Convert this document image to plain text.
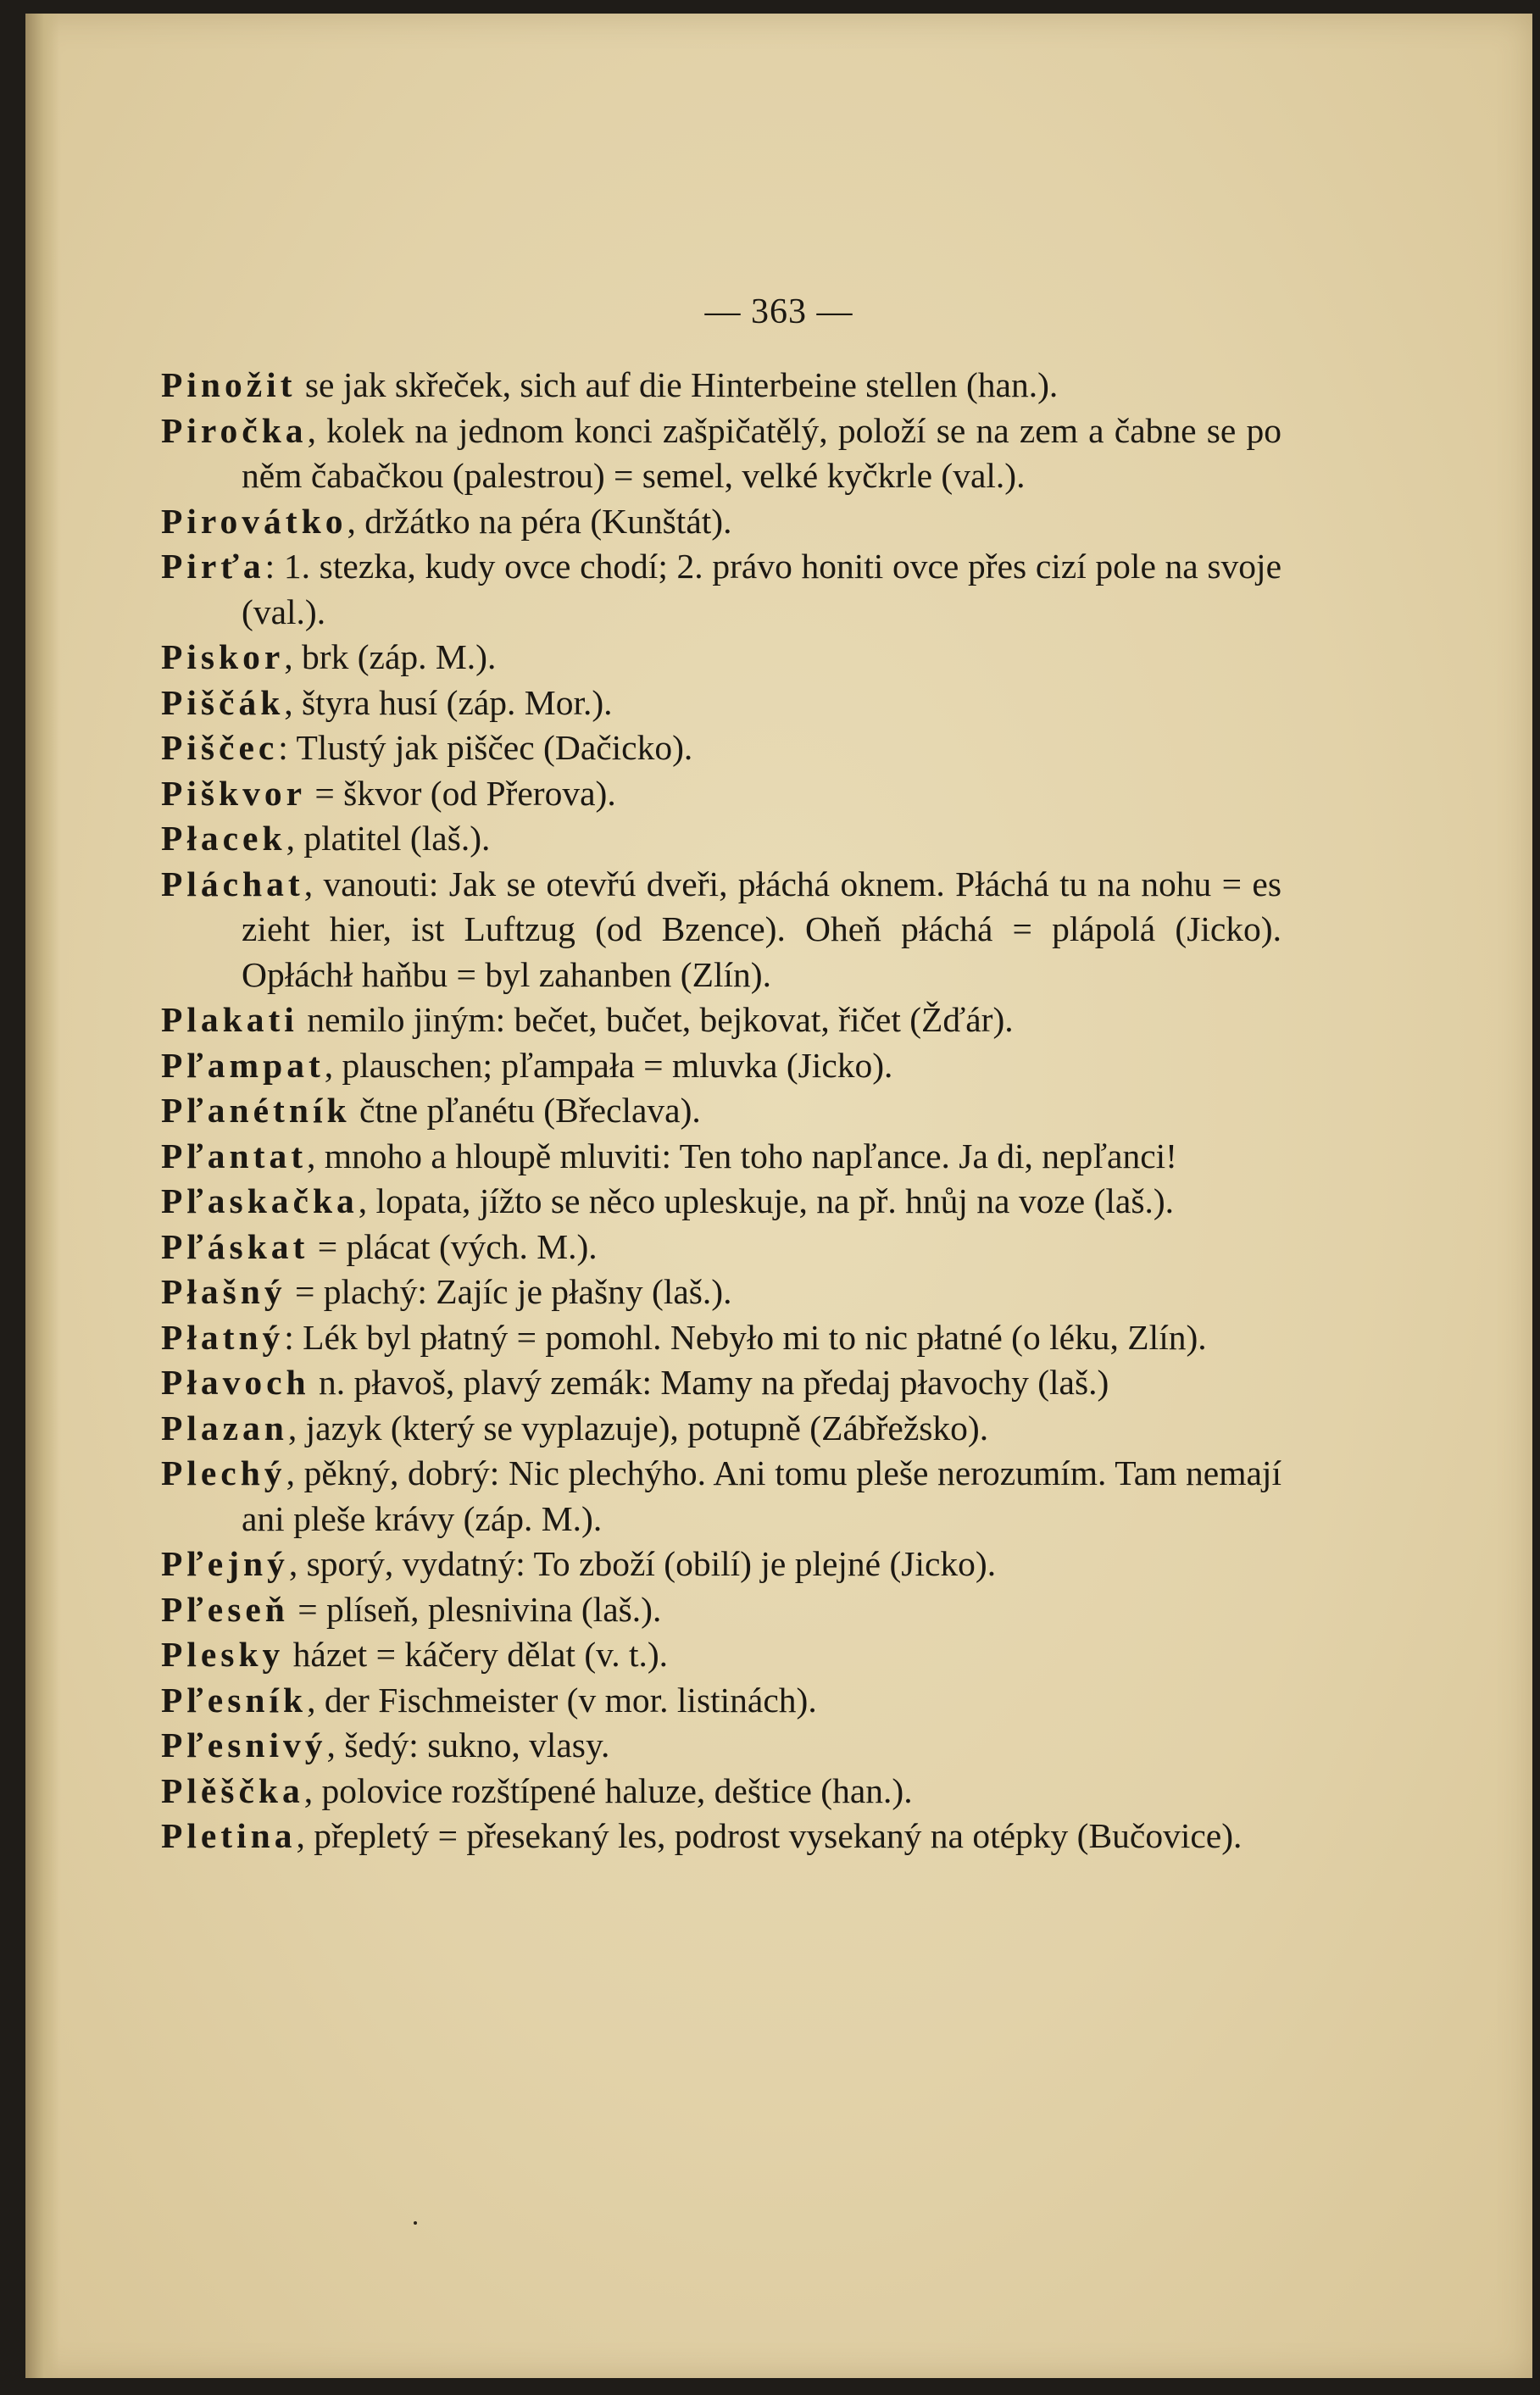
— 363 —

Pinožit se jak skřeček, sich auf die Hinterbeine stellen (han.).

Piročka, kolek na jednom konci zašpičatělý, položí se na zem a čabne se po něm čabačkou (palestrou) = semel, velké kyčkrle (val.).

Pirovátko, držátko na péra (Kunštát).

Pirťa: 1. stezka, kudy ovce chodí; 2. právo honiti ovce přes cizí pole na svoje (val.).

Piskor, brk (záp. M.).

Piščák, štyra husí (záp. Mor.).

Piščec: Tlustý jak piščec (Dačicko).

Piškvor = škvor (od Přerova).

Płacek, platitel (laš.).

Pláchat, vanouti: Jak se otevřú dveři, płáchá oknem. Płáchá tu na nohu = es zieht hier, ist Luftzug (od Bzence). Oheň płáchá = plápolá (Jicko). Opłáchł haňbu = byl zahanben (Zlín).

Plakati nemilo jiným: bečet, bučet, bejkovat, řičet (Žďár).

Pľampat, plauschen; pľampała = mluvka (Jicko).

Pľanétník čtne pľanétu (Břeclava).

Pľantat, mnoho a hloupě mluviti: Ten toho napľance. Ja di, nepľanci!

Pľaskačka, lopata, jížto se něco upleskuje, na př. hnůj na voze (laš.).

Pľáskat = plácat (vých. M.).

Płašný = plachý: Zajíc je płašny (laš.).

Płatný: Lék byl płatný = pomohl. Nebyło mi to nic płatné (o léku, Zlín).

Płavoch n. płavoš, plavý zemák: Mamy na předaj płavochy (laš.)

Plazan, jazyk (který se vyplazuje), potupně (Zábřežsko).

Plechý, pěkný, dobrý: Nic plechýho. Ani tomu pleše nerozumím. Tam nemají ani pleše krávy (záp. M.).

Pľejný, sporý, vydatný: To zboží (obilí) je plejné (Jicko).

Pľeseň = plíseň, plesnivina (laš.).

Plesky házet = káčery dělat (v. t.).

Pľesník, der Fischmeister (v mor. listinách).

Pľesnivý, šedý: sukno, vlasy.

Plěščka, polovice rozštípené haluze, deštice (han.).

Pletina, přepletý = přesekaný les, podrost vysekaný na otépky (Bučovice).
